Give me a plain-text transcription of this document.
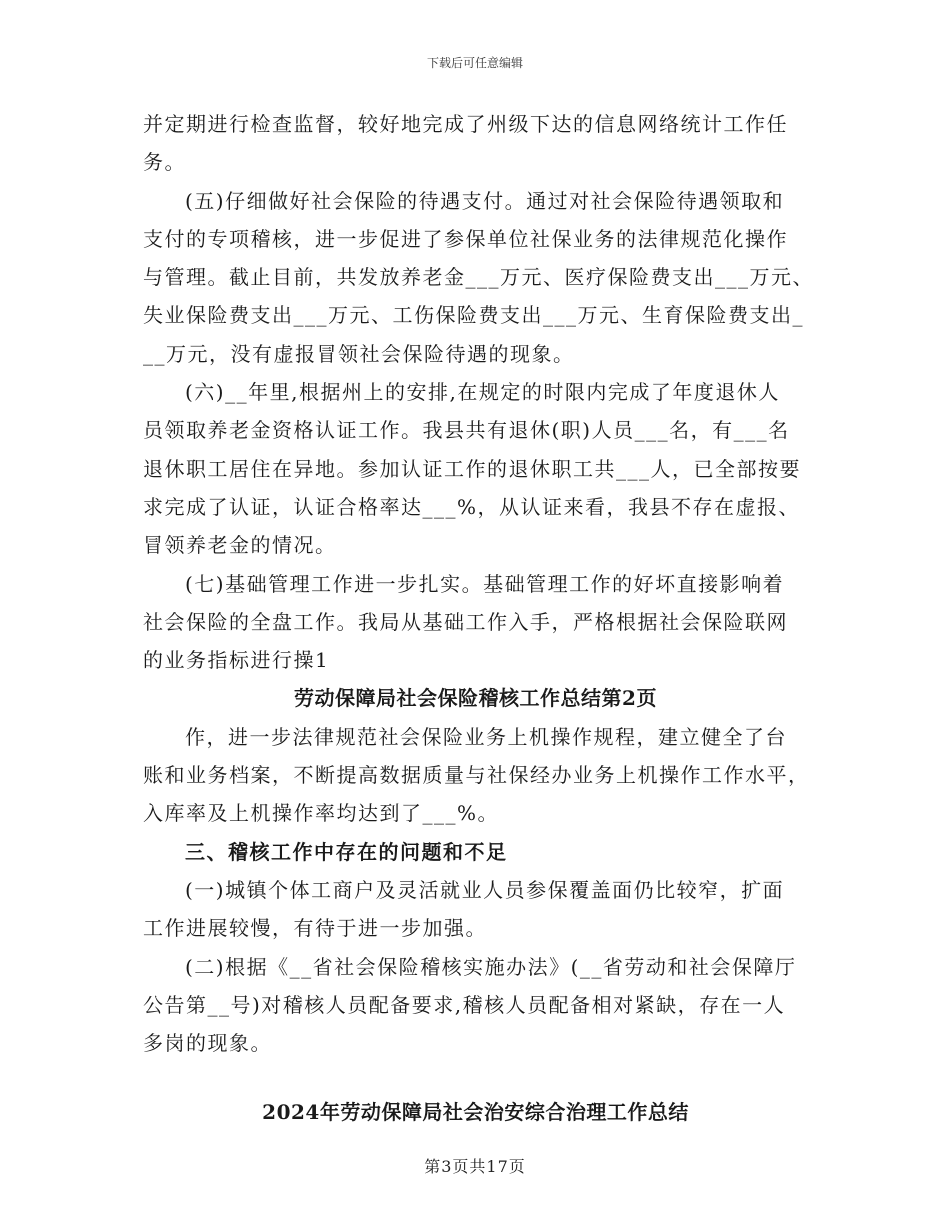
下载后可任意编辑
并定期进行检查监督，较好地完成了州级下达的信息网络统计工作任
务。
(五)仔细做好社会保险的待遇支付。通过对社会保险待遇领取和
支付的专项稽核，进一步促进了参保单位社保业务的法律规范化操作
与管理。截止目前，共发放养老金___万元、医疗保险费支出___万元、
失业保险费支出___万元、工伤保险费支出___万元、生育保险费支出_
__万元，没有虚报冒领社会保险待遇的现象。
(六)__年里,根据州上的安排,在规定的时限内完成了年度退休人
员领取养老金资格认证工作。我县共有退休(职)人员___名，有___名
退休职工居住在异地。参加认证工作的退休职工共___人，已全部按要
求完成了认证，认证合格率达___%，从认证来看，我县不存在虚报、
冒领养老金的情况。
(七)基础管理工作进一步扎实。基础管理工作的好坏直接影响着
社会保险的全盘工作。我局从基础工作入手，严格根据社会保险联网
的业务指标进行操1
劳动保障局社会保险稽核工作总结第2页
作，进一步法律规范社会保险业务上机操作规程，建立健全了台
账和业务档案，不断提高数据质量与社保经办业务上机操作工作水平，
入库率及上机操作率均达到了___%。
三、稽核工作中存在的问题和不足
(一)城镇个体工商户及灵活就业人员参保覆盖面仍比较窄，扩面
工作进展较慢，有待于进一步加强。
(二)根据《__省社会保险稽核实施办法》(__省劳动和社会保障厅
公告第__号)对稽核人员配备要求,稽核人员配备相对紧缺，存在一人
多岗的现象。
2024年劳动保障局社会治安综合治理工作总结
第3页共17页
